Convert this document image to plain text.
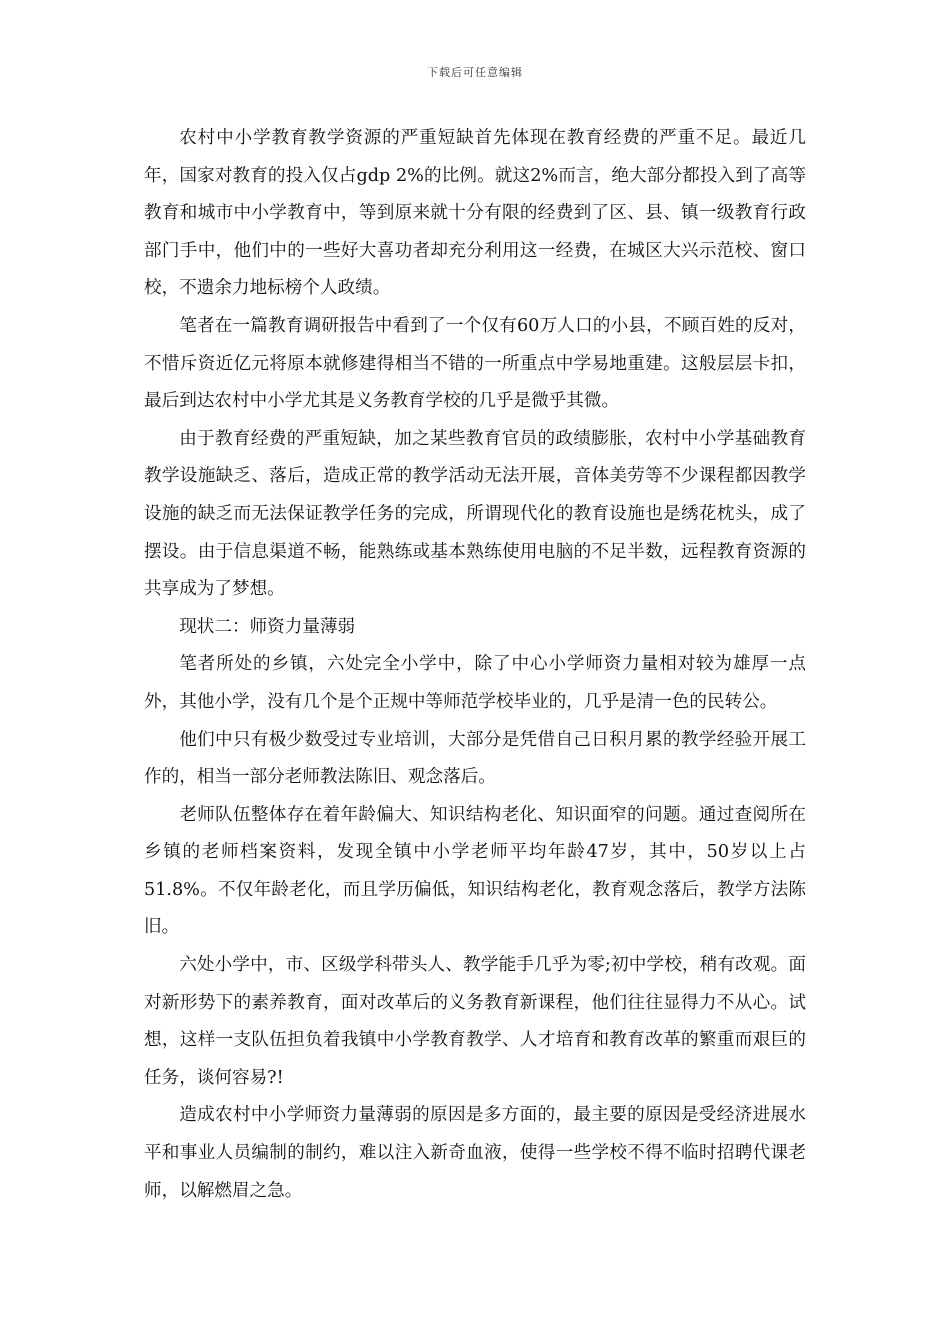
下载后可任意编辑

农村中小学教育教学资源的严重短缺首先体现在教育经费的严重不足。最近几年，国家对教育的投入仅占gdp 2%的比例。就这2%而言，绝大部分都投入到了高等教育和城市中小学教育中，等到原来就十分有限的经费到了区、县、镇一级教育行政部门手中，他们中的一些好大喜功者却充分利用这一经费，在城区大兴示范校、窗口校，不遗余力地标榜个人政绩。

笔者在一篇教育调研报告中看到了一个仅有60万人口的小县，不顾百姓的反对，不惜斥资近亿元将原本就修建得相当不错的一所重点中学易地重建。这般层层卡扣，最后到达农村中小学尤其是义务教育学校的几乎是微乎其微。

由于教育经费的严重短缺，加之某些教育官员的政绩膨胀，农村中小学基础教育教学设施缺乏、落后，造成正常的教学活动无法开展，音体美劳等不少课程都因教学设施的缺乏而无法保证教学任务的完成，所谓现代化的教育设施也是绣花枕头，成了摆设。由于信息渠道不畅，能熟练或基本熟练使用电脑的不足半数，远程教育资源的共享成为了梦想。

现状二：师资力量薄弱

笔者所处的乡镇，六处完全小学中，除了中心小学师资力量相对较为雄厚一点外，其他小学，没有几个是个正规中等师范学校毕业的，几乎是清一色的民转公。

他们中只有极少数受过专业培训，大部分是凭借自己日积月累的教学经验开展工作的，相当一部分老师教法陈旧、观念落后。

老师队伍整体存在着年龄偏大、知识结构老化、知识面窄的问题。通过查阅所在乡镇的老师档案资料，发现全镇中小学老师平均年龄47岁，其中，50岁以上占51.8%。不仅年龄老化，而且学历偏低，知识结构老化，教育观念落后，教学方法陈旧。

六处小学中，市、区级学科带头人、教学能手几乎为零;初中学校，稍有改观。面对新形势下的素养教育，面对改革后的义务教育新课程，他们往往显得力不从心。试想，这样一支队伍担负着我镇中小学教育教学、人才培育和教育改革的繁重而艰巨的任务，谈何容易?!

造成农村中小学师资力量薄弱的原因是多方面的，最主要的原因是受经济进展水平和事业人员编制的制约，难以注入新奇血液，使得一些学校不得不临时招聘代课老师，以解燃眉之急。
